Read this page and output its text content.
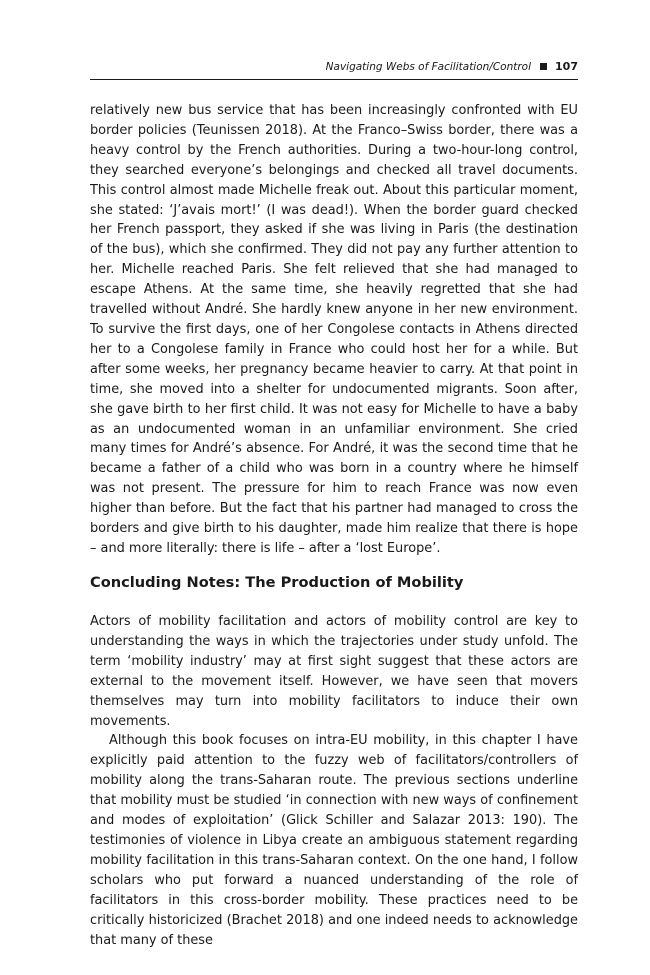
Navigating Webs of Facilitation/Control 107

relatively new bus service that has been increasingly confronted with EU border policies (Teunissen 2018). At the Franco–Swiss border, there was a heavy control by the French authorities. During a two-hour-long control, they searched everyone’s belongings and checked all travel documents. This control almost made Michelle freak out. About this particular moment, she stated: ‘J’avais mort!’ (I was dead!). When the border guard checked her French passport, they asked if she was living in Paris (the destination of the bus), which she confirmed. They did not pay any further attention to her. Michelle reached Paris. She felt relieved that she had managed to escape Athens. At the same time, she heavily regretted that she had travelled without André. She hardly knew anyone in her new environment. To survive the first days, one of her Congolese contacts in Athens directed her to a Congolese family in France who could host her for a while. But after some weeks, her pregnancy became heavier to carry. At that point in time, she moved into a shelter for undocumented migrants. Soon after, she gave birth to her first child. It was not easy for Michelle to have a baby as an undocumented woman in an unfamiliar environment. She cried many times for André’s absence. For André, it was the second time that he became a father of a child who was born in a country where he himself was not present. The pressure for him to reach France was now even higher than before. But the fact that his partner had managed to cross the borders and give birth to his daughter, made him realize that there is hope – and more literally: there is life – after a ‘lost Europe’.

Concluding Notes: The Production of Mobility

Actors of mobility facilitation and actors of mobility control are key to understanding the ways in which the trajectories under study unfold. The term ‘mobility industry’ may at first sight suggest that these actors are external to the movement itself. However, we have seen that movers themselves may turn into mobility facilitators to induce their own movements.

Although this book focuses on intra-EU mobility, in this chapter I have explicitly paid attention to the fuzzy web of facilitators/controllers of mobility along the trans-Saharan route. The previous sections underline that mobility must be studied ‘in connection with new ways of confinement and modes of exploitation’ (Glick Schiller and Salazar 2013: 190). The testimonies of violence in Libya create an ambiguous statement regarding mobility facilitation in this trans-Saharan context. On the one hand, I follow scholars who put forward a nuanced understanding of the role of facilitators in this cross-border mobility. These practices need to be critically historicized (Brachet 2018) and one indeed needs to acknowledge that many of these
